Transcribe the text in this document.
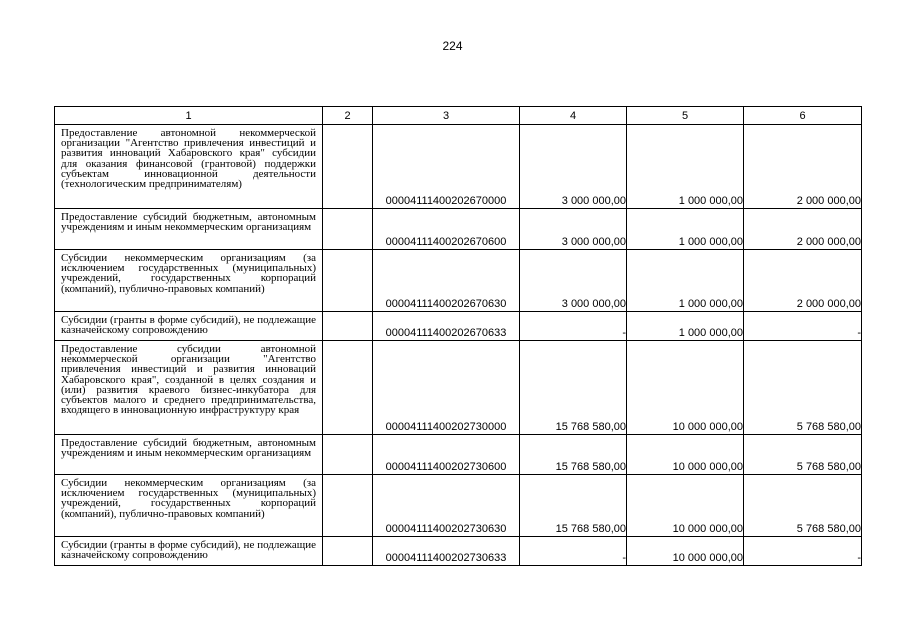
224
1	2	3	4	5	6
Предоставление автономной некоммерческой организации "Агентство привлечения инвестиций и развития инноваций Хабаровского края" субсидии для оказания финансовой (грантовой) поддержки субъектам инновационной деятельности (технологическим предпринимателям)		00004111400202670000	3 000 000,00	1 000 000,00	2 000 000,00
Предоставление субсидий бюджетным, автономным учреждениям и иным некоммерческим организациям		00004111400202670600	3 000 000,00	1 000 000,00	2 000 000,00
Субсидии некоммерческим организациям (за исключением государственных (муниципальных) учреждений, государственных корпораций (компаний), публично-правовых компаний)		00004111400202670630	3 000 000,00	1 000 000,00	2 000 000,00
Субсидии (гранты в форме субсидий), не подлежащие казначейскому сопровождению		00004111400202670633	-	1 000 000,00	-
Предоставление субсидии автономной некоммерческой организации "Агентство привлечения инвестиций и развития инноваций Хабаровского края", созданной в целях создания и (или) развития краевого бизнес-инкубатора для субъектов малого и среднего предпринимательства, входящего в инновационную инфраструктуру края		00004111400202730000	15 768 580,00	10 000 000,00	5 768 580,00
Предоставление субсидий бюджетным, автономным учреждениям и иным некоммерческим организациям		00004111400202730600	15 768 580,00	10 000 000,00	5 768 580,00
Субсидии некоммерческим организациям (за исключением государственных (муниципальных) учреждений, государственных корпораций (компаний), публично-правовых компаний)		00004111400202730630	15 768 580,00	10 000 000,00	5 768 580,00
Субсидии (гранты в форме субсидий), не подлежащие казначейскому сопровождению		00004111400202730633	-	10 000 000,00	-
